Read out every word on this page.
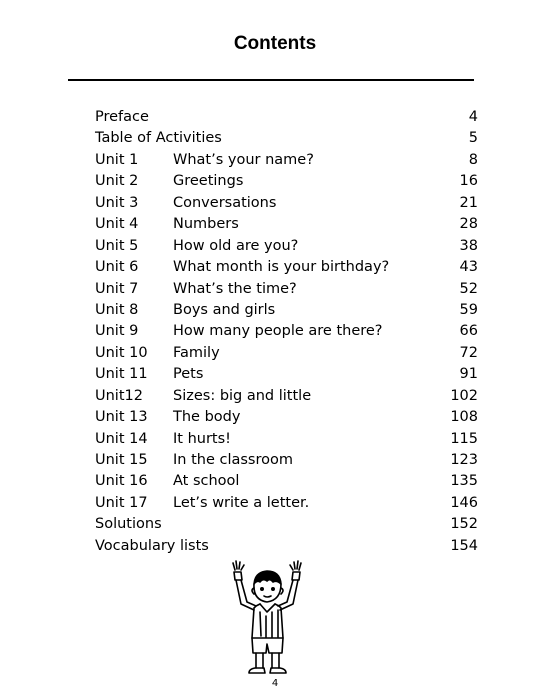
Contents
Preface	4
Table of Activities	5
Unit 1 What’s your name?	8
Unit 2 Greetings	16
Unit 3 Conversations	21
Unit 4 Numbers	28
Unit 5 How old are you?	38
Unit 6 What month is your birthday?	43
Unit 7 What’s the time?	52
Unit 8 Boys and girls	59
Unit 9 How many people are there?	66
Unit 10 Family	72
Unit 11 Pets	91
Unit12 Sizes: big and little	102
Unit 13 The body	108
Unit 14 It hurts!	115
Unit 15 In the classroom	123
Unit 16 At school	135
Unit 17 Let’s write a letter.	146
Solutions	152
Vocabulary lists	154
4
